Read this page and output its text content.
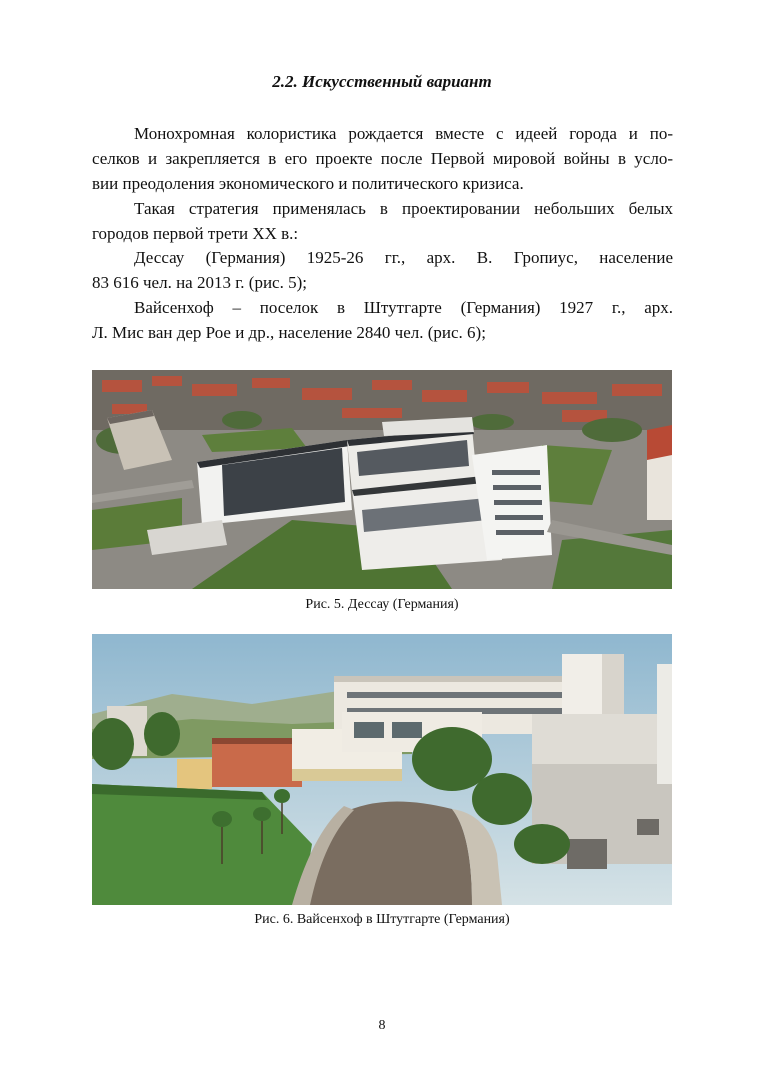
2.2. Искусственный вариант

Монохромная колористика рождается вместе с идеей города и по-
селков и закрепляется в его проекте после Первой мировой войны в усло-
вии преодоления экономического и политического кризиса.

Такая стратегия применялась в проектировании небольших белых
городов первой трети XX в.:

Дессау (Германия) 1925-26 гг., арх. В. Гропиус, население
83 616 чел. на 2013 г. (рис. 5);

Вайсенхоф – поселок в Штутгарте (Германия) 1927 г., арх.
Л. Мис ван дер Рое и др., население 2840 чел. (рис. 6);

Рис. 5. Дессау (Германия)
Рис. 6. Вайсенхоф в Штутгарте (Германия)
8
